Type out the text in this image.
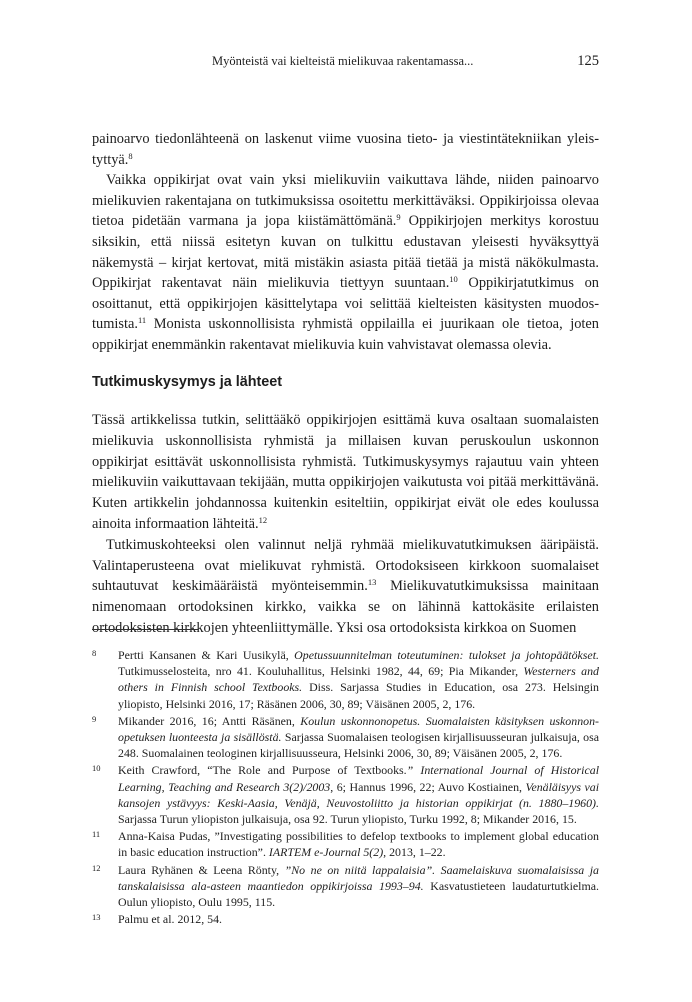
Myönteistä vai kielteistä mielikuvaa rakentamassa...	125

painoarvo tiedonlähteenä on laskenut viime vuosina tieto- ja viestintätekniikan yleistyttyä.$^8$

Vaikka oppikirjat ovat vain yksi mielikuviin vaikuttava lähde, niiden painoarvo mielikuvien rakentajana on tutkimuksissa osoitettu merkittäväksi. Oppikirjoissa olevaa tietoa pidetään varmana ja jopa kiistämättömänä.$^9$ Oppikirjojen merkitys korostuu siksikin, että niissä esitetyn kuvan on tulkittu edustavan yleisesti hyväksyttyä näkemystä – kirjat kertovat, mitä mistäkin asiasta pitää tietää ja mistä näkökulmasta. Oppikirjat rakentavat näin mielikuvia tiettyyn suuntaan.$^{10}$ Oppikirjatutkimus on osoittanut, että oppikirjojen käsittelytapa voi selittää kielteisten käsitysten muodostumista.$^{11}$ Monista uskonnollisista ryhmistä oppilailla ei juurikaan ole tietoa, joten oppikirjat enemmänkin rakentavat mielikuvia kuin vahvistavat olemassa olevia.

Tutkimuskysymys ja lähteet

Tässä artikkelissa tutkin, selittääkö oppikirjojen esittämä kuva osaltaan suomalaisten mielikuvia uskonnollisista ryhmistä ja millaisen kuvan peruskoulun uskonnon oppikirjat esittävät uskonnollisista ryhmistä. Tutkimuskysymys rajautuu vain yhteen mielikuviin vaikuttavaan tekijään, mutta oppikirjojen vaikutusta voi pitää merkittävänä. Kuten artikkelin johdannossa kuitenkin esiteltiin, oppikirjat eivät ole edes koulussa ainoita informaation lähteitä.$^{12}$

Tutkimuskohteeksi olen valinnut neljä ryhmää mielikuvatutkimuksen ääripäistä. Valintaperusteena ovat mielikuvat ryhmistä. Ortodoksiseen kirkkoon suomalaiset suhtautuvat keskimääräistä myönteisemmin.$^{13}$ Mielikuvatutkimuksissa mainitaan nimenomaan ortodoksinen kirkko, vaikka se on lähinnä kattokäsite erilaisten ortodoksisten kirkkojen yhteenliittymälle. Yksi osa ortodoksista kirkkoa on Suomen

8 Pertti Kansanen & Kari Uusikylä, Opetussuunnitelman toteutuminen: tulokset ja johtopäätökset. Tutkimusselosteita, nro 41. Kouluhallitus, Helsinki 1982, 44, 69; Pia Mikander, Westerners and others in Finnish school Textbooks. Diss. Sarjassa Studies in Education, osa 273. Helsingin yliopisto, Helsinki 2016, 17; Räsänen 2006, 30, 89; Väisänen 2005, 2, 176.
9 Mikander 2016, 16; Antti Räsänen, Koulun uskonnonopetus. Suomalaisten käsityksen uskonnonopetuksen luonteesta ja sisällöstä. Sarjassa Suomalaisen teologisen kirjallisuusseuran julkaisuja, osa 248. Suomalainen teologinen kirjallisuusseura, Helsinki 2006, 30, 89; Väisänen 2005, 2, 176.
10 Keith Crawford, “The Role and Purpose of Textbooks.” International Journal of Historical Learning, Teaching and Research 3(2)/2003, 6; Hannus 1996, 22; Auvo Kostiainen, Venäläisyys vai kansojen ystävyys: Keski-Aasia, Venäjä, Neuvostoliitto ja historian oppikirjat (n. 1880–1960). Sarjassa Turun yliopiston julkaisuja, osa 92. Turun yliopisto, Turku 1992, 8; Mikander 2016, 15.
11 Anna-Kaisa Pudas, ”Investigating possibilities to defelop textbooks to implement global education in basic education instruction”. IARTEM e-Journal 5(2), 2013, 1–22.
12 Laura Ryhänen & Leena Rönty, ”No ne on niitä lappalaisia”. Saamelaiskuva suomalaisissa ja tanskalaisissa ala-asteen maantiedon oppikirjoissa 1993–94. Kasvatustieteen laudaturtutkielma. Oulun yliopisto, Oulu 1995, 115.
13 Palmu et al. 2012, 54.
